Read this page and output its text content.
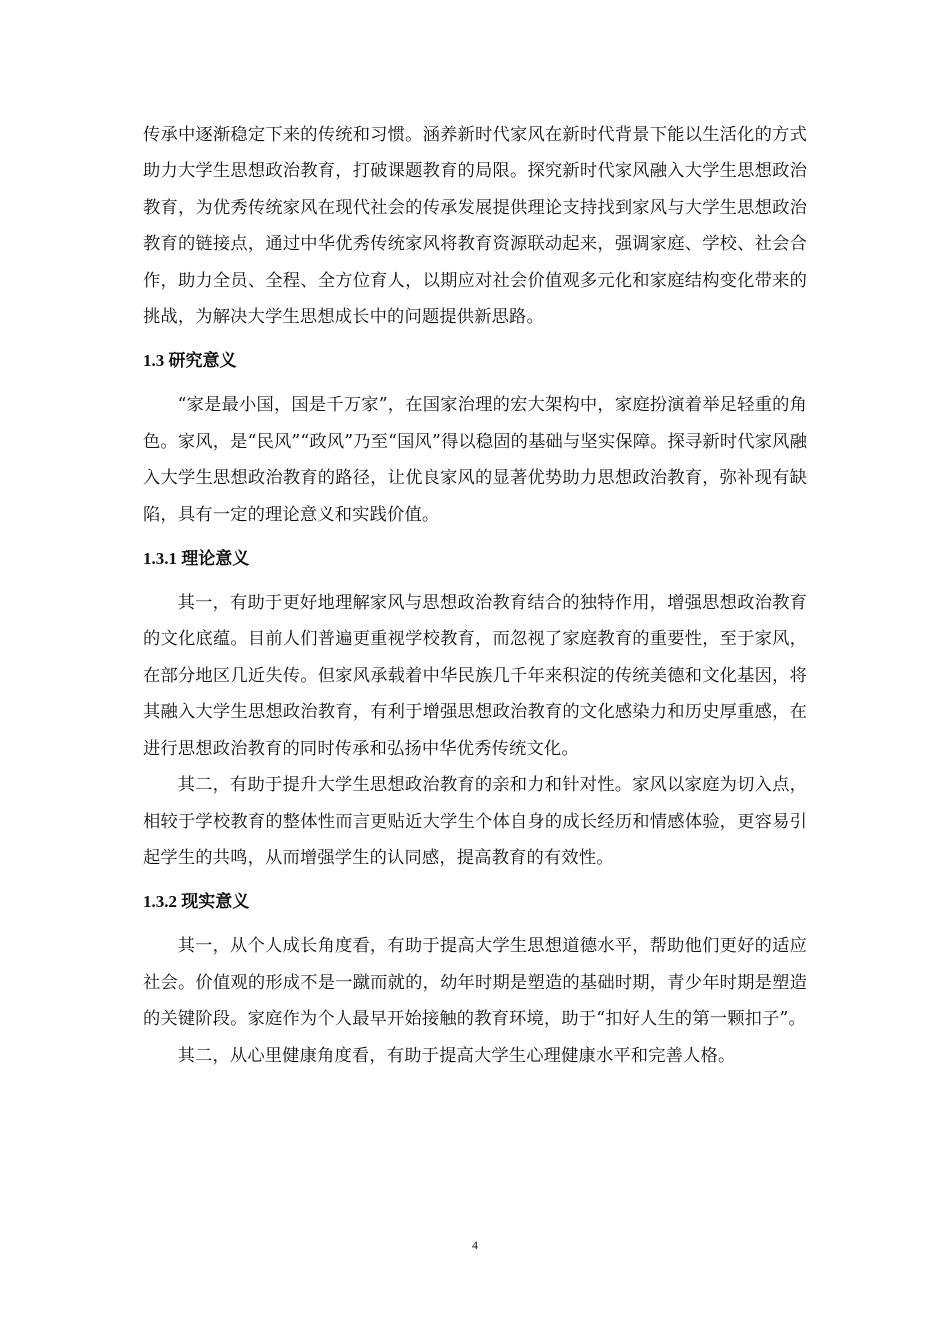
传承中逐渐稳定下来的传统和习惯。涵养新时代家风在新时代背景下能以生活化的方式助力大学生思想政治教育，打破课题教育的局限。探究新时代家风融入大学生思想政治教育，为优秀传统家风在现代社会的传承发展提供理论支持找到家风与大学生思想政治教育的链接点，通过中华优秀传统家风将教育资源联动起来，强调家庭、学校、社会合作，助力全员、全程、全方位育人，以期应对社会价值观多元化和家庭结构变化带来的挑战，为解决大学生思想成长中的问题提供新思路。

1.3 研究意义

“家是最小国，国是千万家”，在国家治理的宏大架构中，家庭扮演着举足轻重的角色。家风，是“民风”“政风”乃至“国风”得以稳固的基础与坚实保障。探寻新时代家风融入大学生思想政治教育的路径，让优良家风的显著优势助力思想政治教育，弥补现有缺陷，具有一定的理论意义和实践价值。

1.3.1 理论意义

其一，有助于更好地理解家风与思想政治教育结合的独特作用，增强思想政治教育的文化底蕴。目前人们普遍更重视学校教育，而忽视了家庭教育的重要性，至于家风，在部分地区几近失传。但家风承载着中华民族几千年来积淀的传统美德和文化基因，将其融入大学生思想政治教育，有利于增强思想政治教育的文化感染力和历史厚重感，在进行思想政治教育的同时传承和弘扬中华优秀传统文化。

其二，有助于提升大学生思想政治教育的亲和力和针对性。家风以家庭为切入点，相较于学校教育的整体性而言更贴近大学生个体自身的成长经历和情感体验，更容易引起学生的共鸣，从而增强学生的认同感，提高教育的有效性。

1.3.2 现实意义

其一，从个人成长角度看，有助于提高大学生思想道德水平，帮助他们更好的适应社会。价值观的形成不是一蹴而就的，幼年时期是塑造的基础时期，青少年时期是塑造的关键阶段。家庭作为个人最早开始接触的教育环境，助于“扣好人生的第一颗扣子”。

其二，从心里健康角度看，有助于提高大学生心理健康水平和完善人格。

4
